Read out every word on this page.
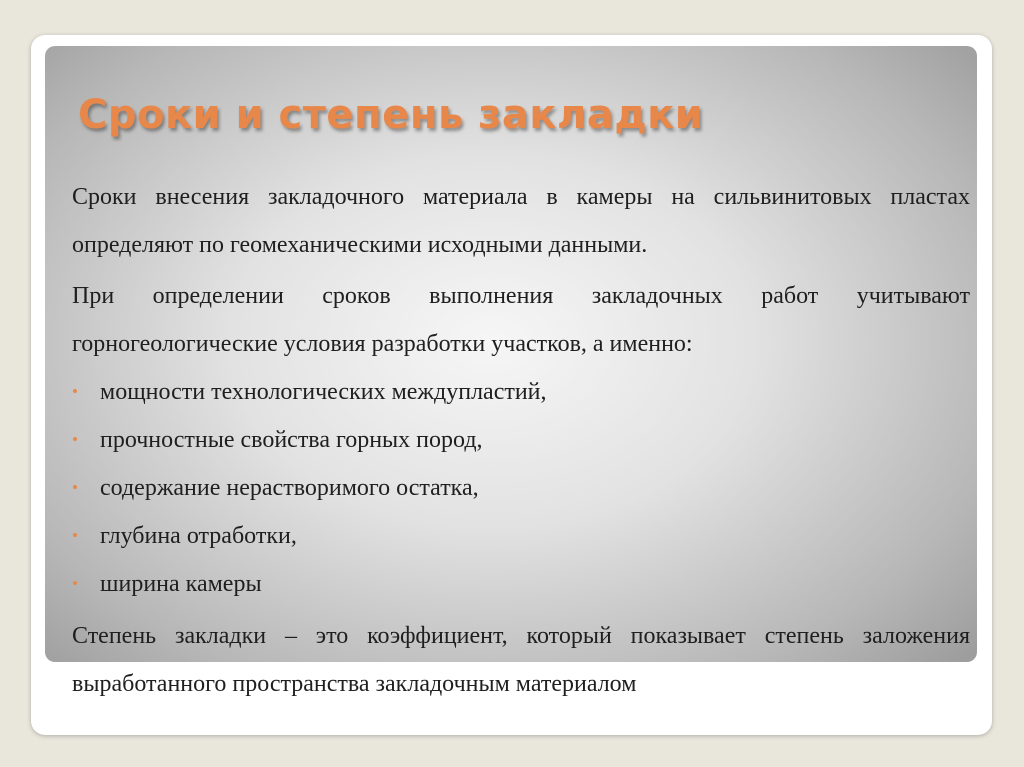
Сроки и степень закладки

Сроки внесения закладочного материала в камеры на сильвинитовых пластах определяют по геомеханическими исходными данными.

При определении сроков выполнения закладочных работ учитывают горногеологические условия разработки участков, а именно:

• мощности технологических междупластий,
• прочностные свойства горных пород,
• содержание нерастворимого остатка,
• глубина отработки,
• ширина камеры

Степень закладки – это коэффициент, который показывает степень заложения выработанного пространства закладочным материалом
